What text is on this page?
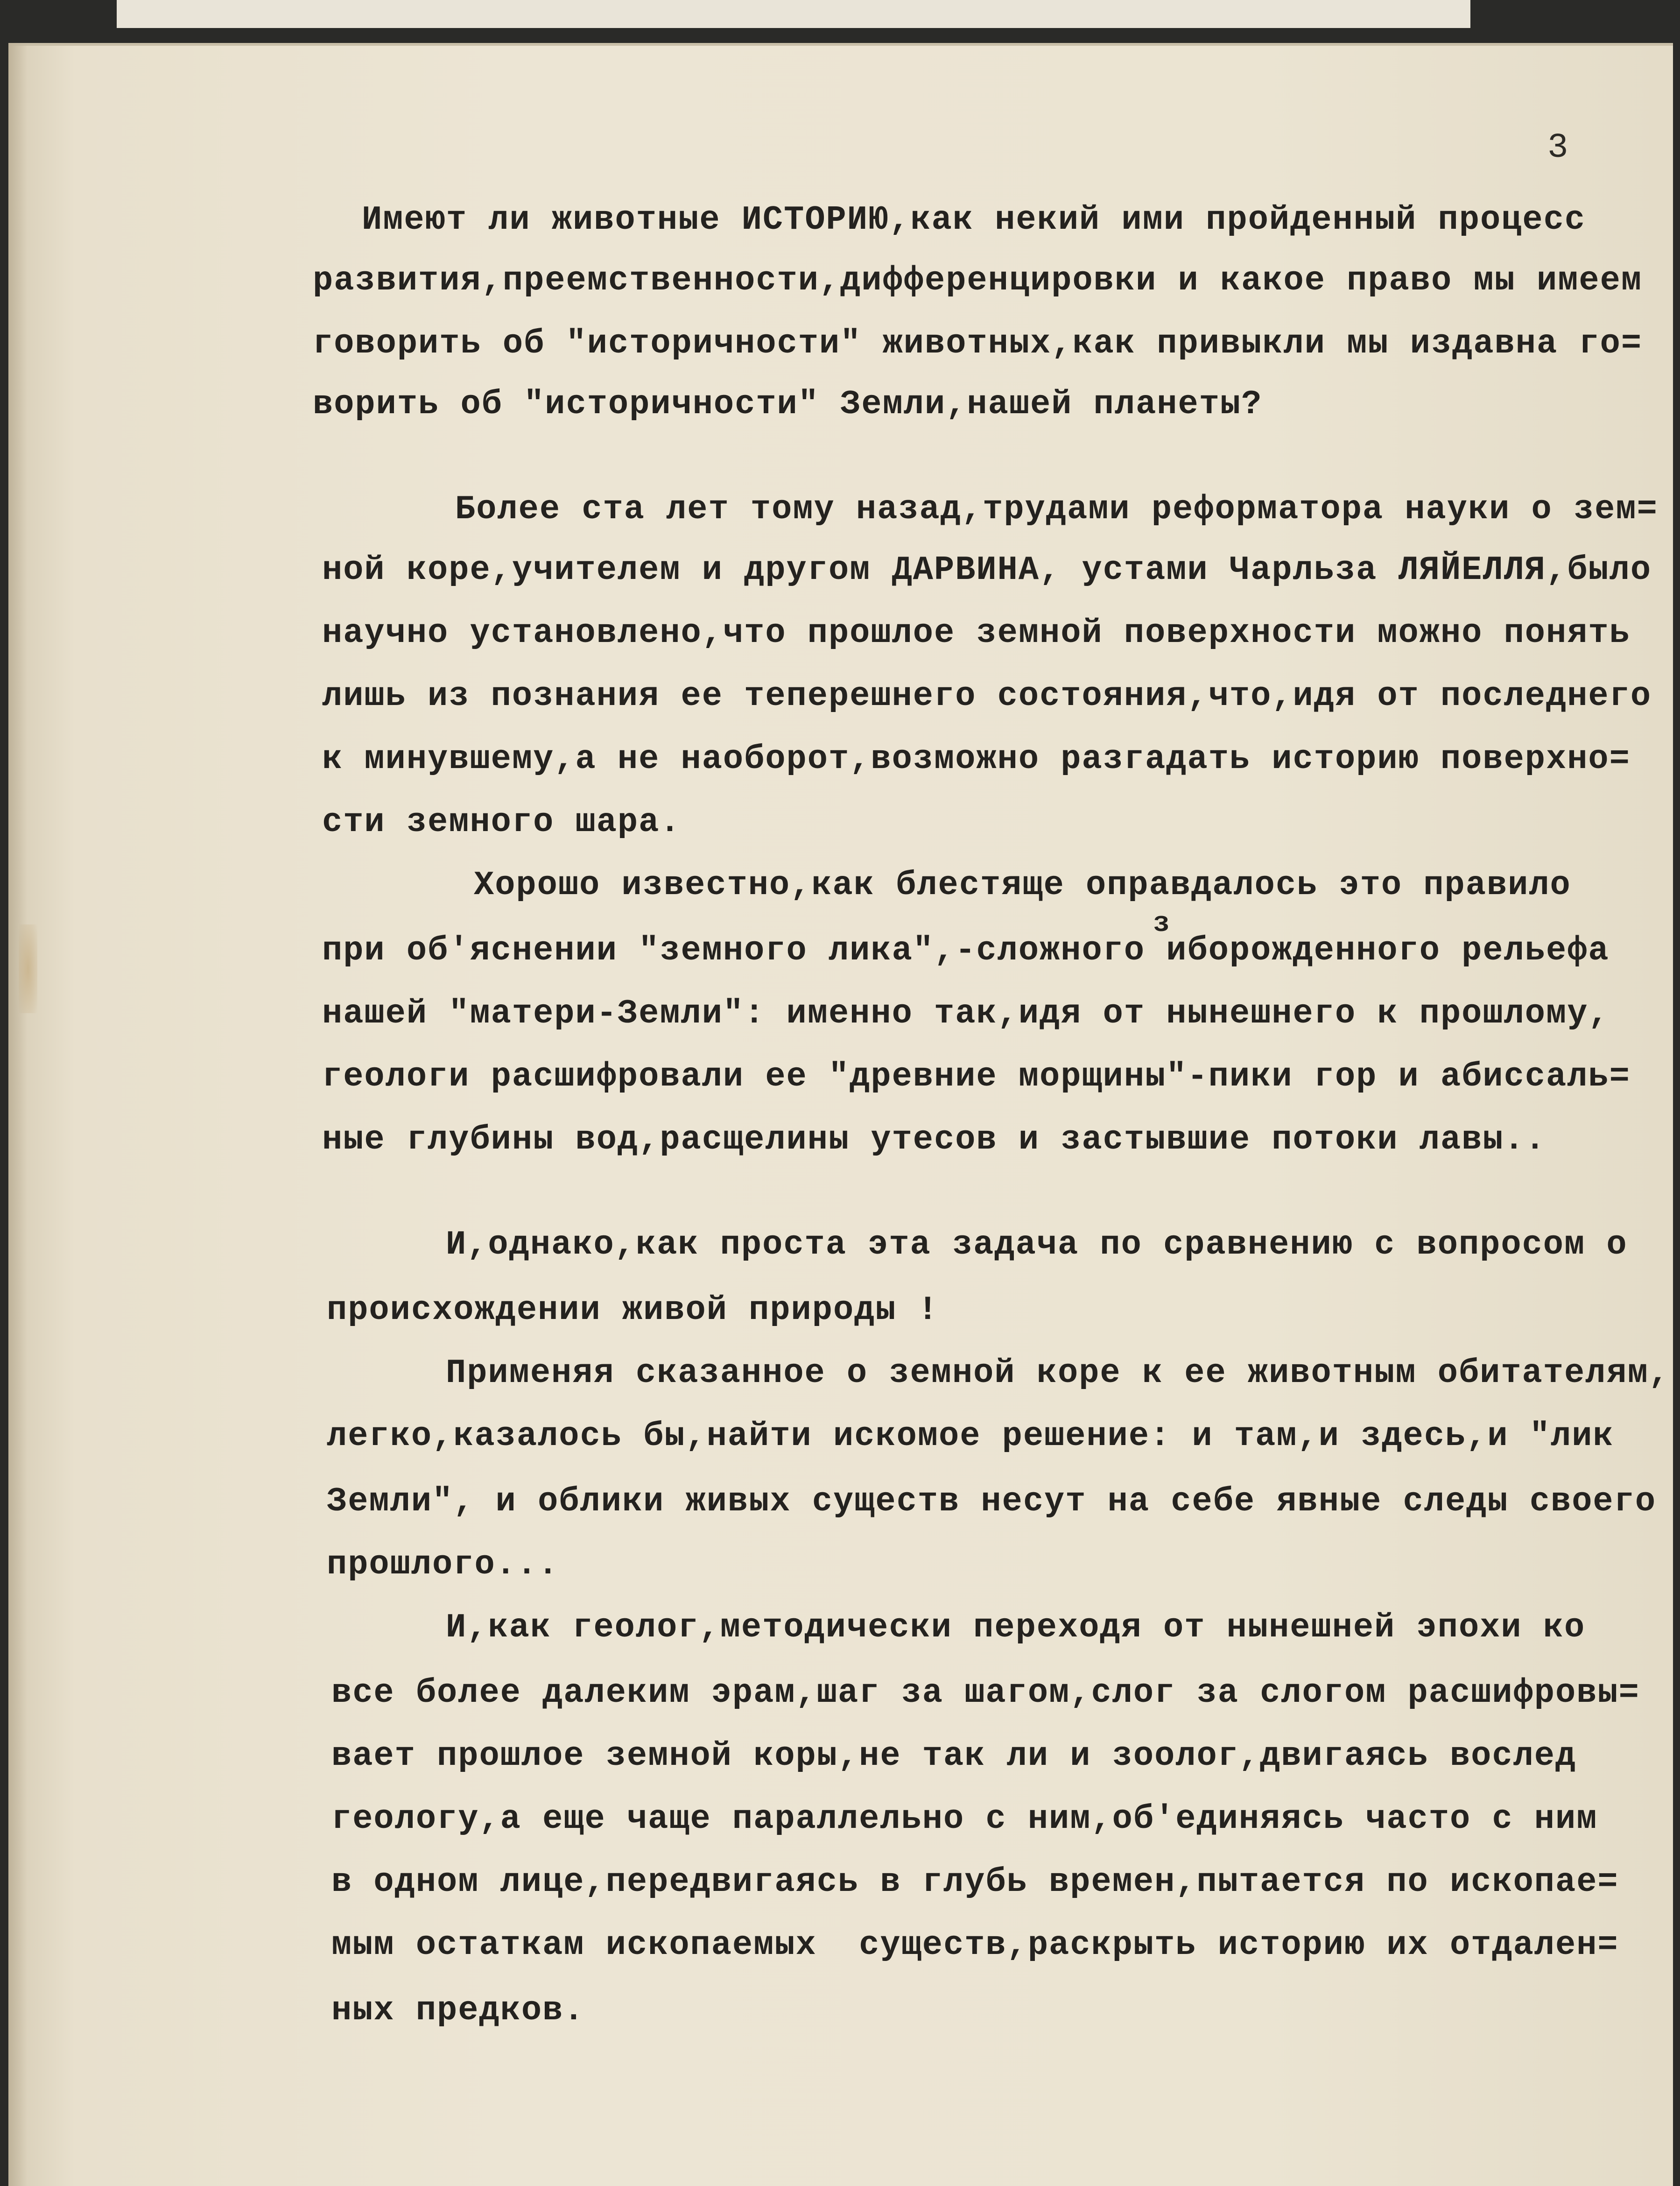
3
Имеют ли животные ИСТОРИЮ,как некий ими пройденный процесс
развития,преемственности,дифференцировки и какое право мы имеем
говорить об "историчности" животных,как привыкли мы издавна го=
ворить об "историчности" Земли,нашей планеты?
Более ста лет тому назад,трудами реформатора науки о зем=
ной коре,учителем и другом ДАРВИНА, устами Чарльза ЛЯЙЕЛЛЯ,было
научно установлено,что прошлое земной поверхности можно понять
лишь из познания ее теперешнего состояния,что,идя от последнего
к минувшему,а не наоборот,возможно разгадать историю поверхно=
сти земного шара.
Хорошо известно,как блестяще оправдалось это правило
з
при об'яснении "земного лика",-сложного иборожденного рельефа
нашей "матери-Земли": именно так,идя от нынешнего к прошлому,
геологи расшифровали ее "древние морщины"-пики гор и абиссаль=
ные глубины вод,расщелины утесов и застывшие потоки лавы..
И,однако,как проста эта задача по сравнению с вопросом о
происхождении живой природы !
Применяя сказанное о земной коре к ее животным обитателям,
легко,казалось бы,найти искомое решение: и там,и здесь,и "лик
Земли", и облики живых существ несут на себе явные следы своего
прошлого...
И,как геолог,методически переходя от нынешней эпохи ко
все более далеким эрам,шаг за шагом,слог за слогом расшифровы=
вает прошлое земной коры,не так ли и зоолог,двигаясь вослед
геологу,а еще чаще параллельно с ним,об'единяясь часто с ним
в одном лице,передвигаясь в глубь времен,пытается по ископае=
мым остаткам ископаемых  существ,раскрыть историю их отдален=
ных предков.
